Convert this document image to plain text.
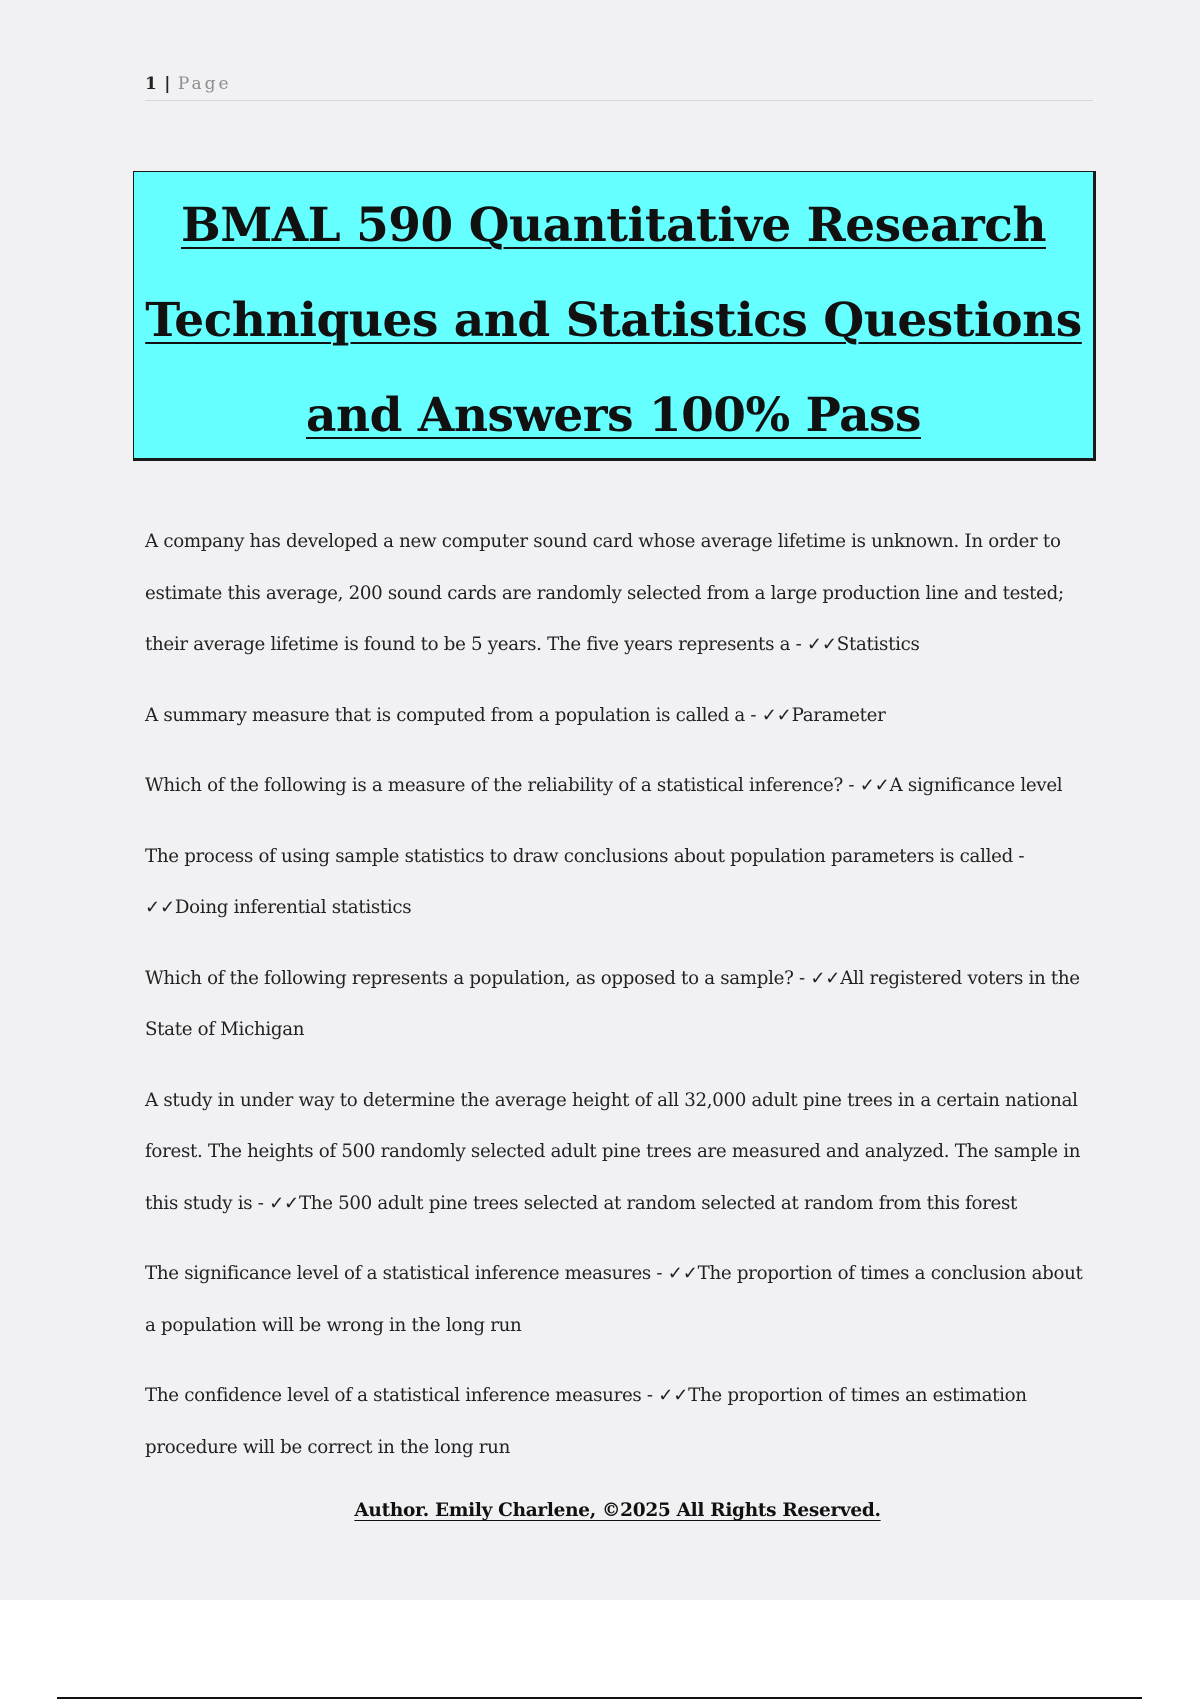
1 | Page
BMAL 590 Quantitative Research
Techniques and Statistics Questions
and Answers 100% Pass

A company has developed a new computer sound card whose average lifetime is unknown. In order to estimate this average, 200 sound cards are randomly selected from a large production line and tested; their average lifetime is found to be 5 years. The five years represents a - ✓✓Statistics

A summary measure that is computed from a population is called a - ✓✓Parameter

Which of the following is a measure of the reliability of a statistical inference? - ✓✓A significance level

The process of using sample statistics to draw conclusions about population parameters is called - ✓✓Doing inferential statistics

Which of the following represents a population, as opposed to a sample? - ✓✓All registered voters in the State of Michigan

A study in under way to determine the average height of all 32,000 adult pine trees in a certain national forest. The heights of 500 randomly selected adult pine trees are measured and analyzed. The sample in this study is - ✓✓The 500 adult pine trees selected at random selected at random from this forest

The significance level of a statistical inference measures - ✓✓The proportion of times a conclusion about a population will be wrong in the long run

The confidence level of a statistical inference measures - ✓✓The proportion of times an estimation procedure will be correct in the long run

Author. Emily Charlene, ©2025 All Rights Reserved.
